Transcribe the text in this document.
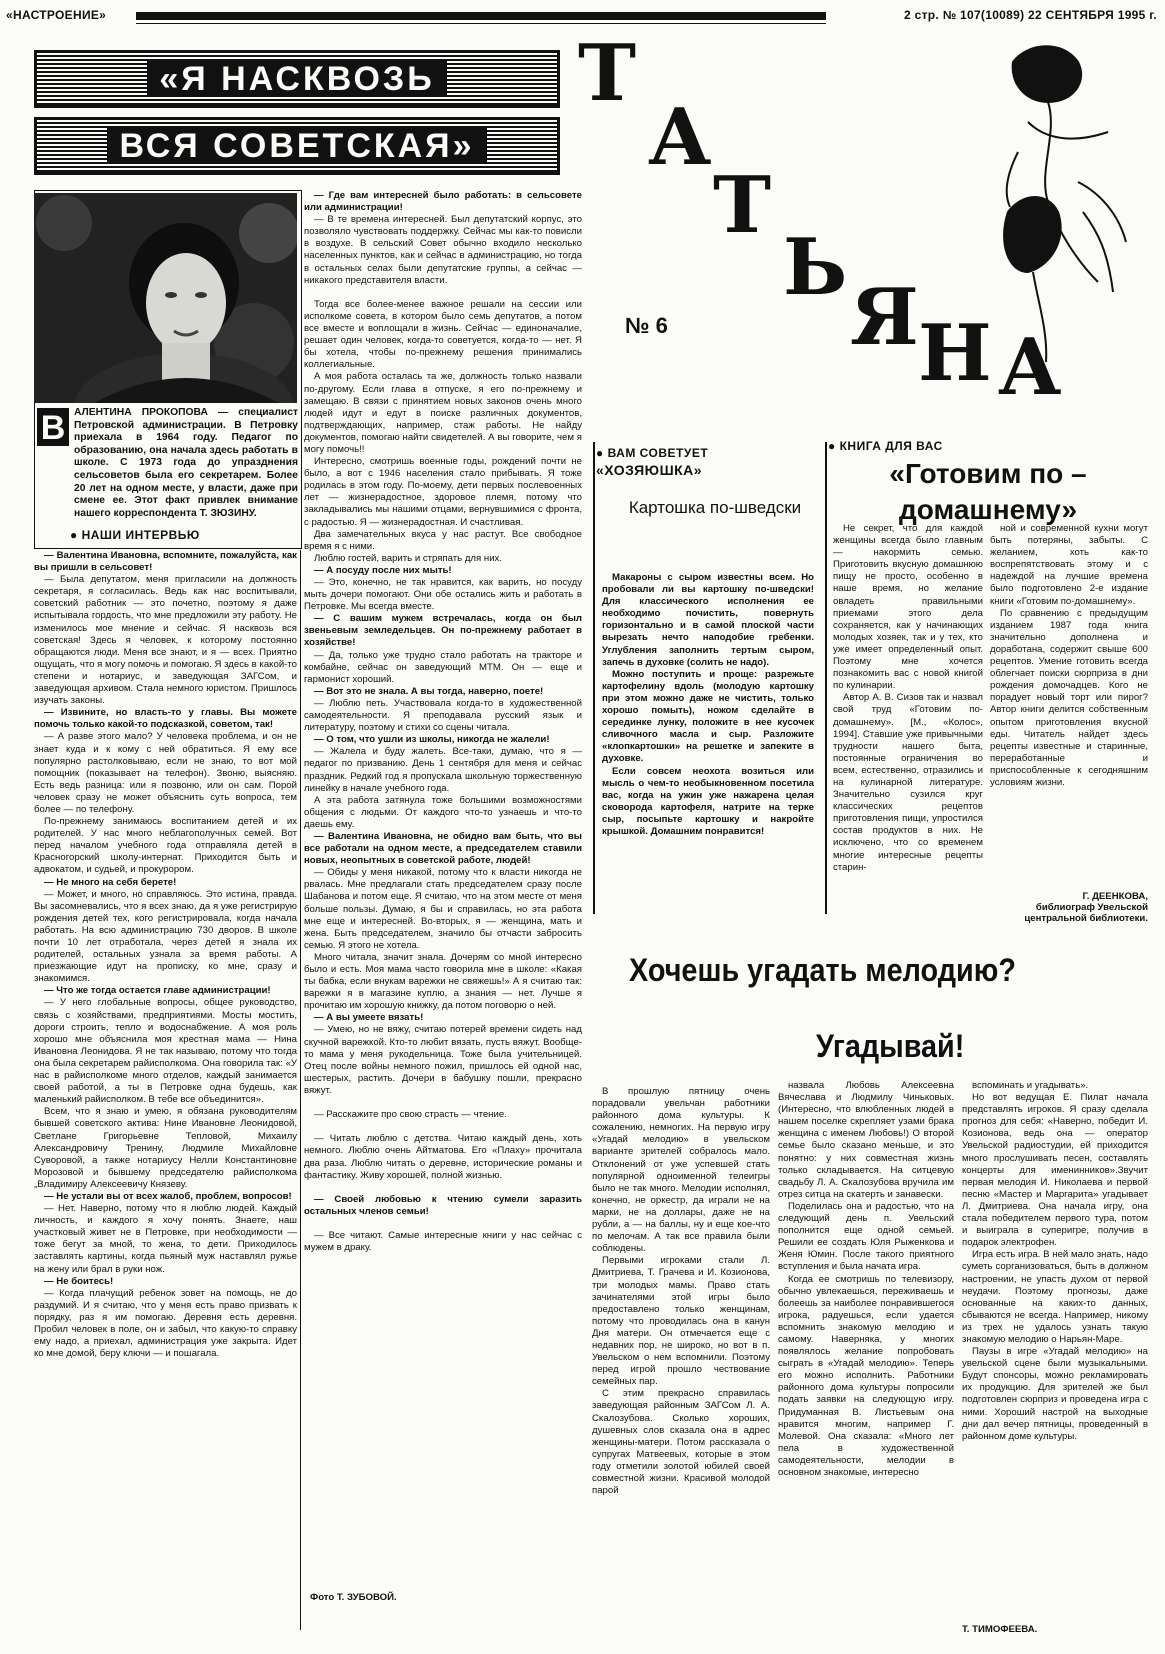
«НАСТРОЕНИЕ»	2 стр. № 107(10089) 22 СЕНТЯБРЯ 1995 г.
«Я НАСКВОЗЬ
ВСЯ СОВЕТСКАЯ»
В АЛЕНТИНА ПРОКОПОВА — специалист Петровской администрации. В Петровку приехала в 1964 году. Педагог по образованию, она начала здесь работать в школе. С 1973 года до упразднения сельсоветов была его секретарем. Более 20 лет на одном месте, у власти, даже при смене ее. Этот факт привлек внимание нашего корреспондента Т. ЗЮЗИНУ.
● НАШИ ИНТЕРВЬЮ

— Валентина Ивановна, вспомните, пожалуйста, как вы пришли в сельсовет!

— Была депутатом, меня пригласили на должность секретаря, я согласилась. Ведь как нас воспитывали, советский работник — это почетно, поэтому я даже испытывала гордость, что мне предложили эту работу. Не изменилось мое мнение и сейчас. Я насквозь вся советская! Здесь я человек, к которому постоянно обращаются люди. Меня все знают, и я — всех. Приятно ощущать, что я могу помочь и помогаю. Я здесь в какой-то степени и нотариус, и заведующая ЗАГСом, и заведующая архивом. Стала немного юристом. Пришлось изучать законы.

— Извините, но власть-то у главы. Вы можете помочь только какой-то подсказкой, советом, так!

— А разве этого мало? У человека проблема, и он не знает куда и к кому с ней обратиться. Я ему все популярно растолковываю, если не знаю, то вот мой помощник (показывает на телефон). Звоню, выясняю. Есть ведь разница: или я позвоню, или он сам. Порой человек сразу не может объяснить суть вопроса, тем более — по телефону.

По-прежнему занимаюсь воспитанием детей и их родителей. У нас много неблагополучных семей. Вот перед началом учебного года отправляла детей в Красногорский школу-интернат. Приходится быть и адвокатом, и судьей, и прокурором.

— Не много на себя берете!

— Может, и много, но справляюсь. Это истина, правда. Вы засомневались, что я всех знаю, да я уже регистрирую рождения детей тех, кого регистрировала, когда начала работать. На всю администрацию 730 дворов. В школе почти 10 лет отработала, через детей я знала их родителей, остальных узнала за время работы. А приезжающие идут на прописку, ко мне, сразу и знакомимся.

— Что же тогда остается главе администрации!

— У него глобальные вопросы, общее руководство, связь с хозяйствами, предприятиями. Мосты мостить, дороги строить, тепло и водоснабжение. А моя роль хорошо мне объяснила моя крестная мама — Нина Ивановна Леонидова. Я не так называю, потому что тогда она была секретарем райисполкома. Она говорила так: «У нас в райисполкоме много отделов, каждый занимается своей работой, а ты в Петровке одна будешь, как маленький райисполком. В тебе все объединится».

Всем, что я знаю и умею, я обязана руководителям бывшей советского актива: Нине Ивановне Леонидовой, Светлане Григорьевне Тепловой, Михаилу Александровичу Тренину, Людмиле Михайловне Суворовой, а также нотариусу Нелли Константиновне Морозовой и бывшему председателю райисполкома „Владимиру Алексеевичу Князеву.

— Не устали вы от всех жалоб, проблем, вопросов!

— Нет. Наверно, потому что я люблю людей. Каждый личность, и каждого я хочу понять. Знаете, наш участковый живет не в Петровке, при необходимости — тоже бегут за мной, то жена, то дети. Приходилось заставлять картины, когда пьяный муж наставлял ружье на жену или брал в руки нож.

— Не боитесь!

— Когда плачущий ребенок зовет на помощь, не до раздумий. И я считаю, что у меня есть право призвать к порядку, раз я им помогаю. Деревня есть деревня. Пробил человек в поле, он и забыл, что какую-то справку ему надо, а приехал, администрация уже закрыта. Идет ко мне домой, беру ключи — и пошагала.

— Где вам интересней было работать: в сельсовете или администрации!

— В те времена интересней. Был депутатский корпус, это позволяло чувствовать поддержку. Сейчас мы как-то повисли в воздухе. В сельский Совет обычно входило несколько населенных пунктов, как и сейчас в администрацию, но тогда в остальных селах были депутатские группы, а сейчас — никакого представителя власти.

Тогда все более-менее важное решали на сессии или исполкоме совета, в котором было семь депутатов, а потом все вместе и воплощали в жизнь. Сейчас — единоначалие, решает один человек, когда-то советуется, когда-то — нет. Я бы хотела, чтобы по-прежнему решения принимались коллегиальные.

А моя работа осталась та же, должность только назвали по-другому. Если глава в отпуске, я его по-прежнему и замещаю. В связи с принятием новых законов очень много людей идут и едут в поиске различных документов, подтверждающих, например, стаж работы. Не найду документов, помогаю найти свидетелей. А вы говорите, чем я могу помочь!!

Интересно, смотришь военные годы, рождений почти не было, а вот с 1946 населения стало прибывать. Я тоже родилась в этом году. По-моему, дети первых послевоенных лет — жизнерадостное, здоровое племя, потому что закладывались мы нашими отцами, вернувшимися с фронта, с радостью. Я — жизнерадостная. И счастливая.

Два замечательных вкуса у нас растут. Все свободное время я с ними.

Люблю гостей, варить и стряпать для них.

— А посуду после них мыть!

— Это, конечно, не так нравится, как варить, но посуду мыть дочери помогают. Они обе остались жить и работать в Петровке. Мы всегда вместе.

— С вашим мужем встречалась, когда он был звеньевым земледельцев. Он по-прежнему работает в хозяйстве!

— Да, только уже трудно стало работать на тракторе и комбайне, сейчас он заведующий МТМ. Он — еще и гармонист хороший.

— Вот это не знала. А вы тогда, наверно, поете!

— Люблю петь. Участвовала когда-то в художественной самодеятельности. Я преподавала русский язык и литературу, поэтому и стихи со сцены читала.

— О том, что ушли из школы, никогда не жалели!

— Жалела и буду жалеть. Все-таки, думаю, что я — педагог по призванию. День 1 сентября для меня и сейчас праздник. Редкий год я пропускала школьную торжественную линейку в начале учебного года.

А эта работа затянула тоже большими возможностями общения с людьми. От каждого что-то узнаешь и что-то даешь ему.

— Валентина Ивановна, не обидно вам быть, что вы все работали на одном месте, а председателем ставили новых, неопытных в советской работе, людей!

— Обиды у меня никакой, потому что к власти никогда не рвалась. Мне предлагали стать председателем сразу после Шабанова и потом еще. Я считаю, что на этом месте от меня больше пользы. Думаю, я бы и справилась, но эта работа мне еще и интересней. Во-вторых, я — женщина, мать и жена. Быть председателем, значило бы отчасти забросить семью. Я этого не хотела.

Много читала, значит знала. Дочерям со мной интересно было и есть. Моя мама часто говорила мне в школе: «Какая ты бабка, если внукам варежки не свяжешь!» А я считаю так: варежки я в магазине куплю, а знания — нет. Лучше я прочитаю им хорошую книжку, да потом поговорю о ней.

— А вы умеете вязать!

— Умею, но не вяжу, считаю потерей времени сидеть над скучной варежкой. Кто-то любит вязать, пусть вяжут. Вообще-то мама у меня рукодельница. Тоже была учительницей. Отец после войны немного пожил, пришлось ей одной нас, шестерых, растить. Дочери в бабушку пошли, прекрасно вяжут.

— Расскажите про свою страсть — чтение.

— Читать люблю с детства. Читаю каждый день, хоть немного. Люблю очень Айтматова. Его «Плаху» прочитала два раза. Люблю читать о деревне, исторические романы и фантастику. Живу хорошей, полной жизнью.

— Своей любовью к чтению сумели заразить остальных членов семьи!

— Все читают. Самые интересные книги у нас сейчас с мужем в драку.

Фото Т. ЗУБОВОЙ.
Т
А
Т
Ь
Я Н А
№ 6
● ВАМ СОВЕТУЕТ
«ХОЗЯЮШКА»
Картошка по-шведски

Макароны с сыром известны всем. Но пробовали ли вы картошку по-шведски! Для классического исполнения ее необходимо почистить, повернуть горизонтально и в самой плоской части вырезать нечто наподобие гребенки. Углубления заполнить тертым сыром, запечь в духовке (солить не надо).

Можно поступить и проще: разрежьте картофелину вдоль (молодую картошку при этом можно даже не чистить, только хорошо помыть), ножом сделайте в серединке лунку, положите в нее кусочек сливочного масла и сыр. Разложите «клопкартошки» на решетке и запеките в духовке.

Если совсем неохота возиться или мысль о чем-то необыкновенном посетила вас, когда на ужин уже нажарена целая сковорода картофеля, натрите на терке сыр, посыпьте картошку и накройте крышкой. Домашним понравится!

● КНИГА ДЛЯ ВАС
«Готовим по – домашнему»

Не секрет, что для каждой женщины всегда было главным — накормить семью. Приготовить вкусную домашнюю пищу не просто, особенно в наше время, но желание овладеть правильными приемами этого дела сохраняется, как у начинающих молодых хозяек, так и у тех, кто уже имеет определенный опыт. Поэтому мне хочется познакомить вас с новой книгой по кулинарии.

Автор А. В. Сизов так и назвал свой труд «Готовим по-домашнему». [М., «Колос», 1994]. Ставшие уже привычными трудности нашего быта, постоянные ограничения во всем, естественно, отразились и на кулинарной литературе. Значительно сузился круг классических рецептов приготовления пищи, упростился состав продуктов в них. Не исключено, что со временем многие интересные рецепты старин-

ной и современной кухни могут быть потеряны, забыты. С желанием, хоть как-то воспрепятствовать этому и с надеждой на лучшие времена было подготовлено 2-е издание книги «Готовим по-домашнему».

По сравнению с предыдущим изданием 1987 года книга значительно дополнена и доработана, содержит свыше 600 рецептов. Умение готовить всегда облегчает поиски сюрприза в дни рождения домочадцев. Кого не порадует новый торт или пирог? Автор книги делится собственным опытом приготовления вкусной еды. Читатель найдет здесь рецепты известные и старинные, переработанные и приспособленные к сегодняшним условиям жизни.

Г. ДЕЕНКОВА,
библиограф Увельской
центральной библиотеки.
Хочешь угадать мелодию?
Угадывай!

В прошлую пятницу очень порадовали увельчан работники районного дома культуры. К сожалению, немногих. На первую игру «Угадай мелодию» в увельском варианте зрителей собралось мало. Отклонений от уже успевшей стать популярной одноименной телеигры было не так много. Мелодии исполнял, конечно, не оркестр, да играли не на марки, не на доллары, даже не на рубли, а — на баллы, ну и еще кое-что по мелочам. А так все правила были соблюдены.

Первыми игроками стали Л. Дмитриева, Т. Грачева и И. Козионова, три молодых мамы. Право стать зачинателями этой игры было предоставлено только женщинам, потому что проводилась она в канун Дня матери. Он отмечается еще с недавних пор, не широко, но вот в п. Увельском о нем вспомнили. Поэтому перед игрой прошло чествование семейных пар.

С этим прекрасно справилась заведующая районным ЗАГСом Л. А. Скалозубова. Сколько хороших, душевных слов сказала она в адрес женщины-матери. Потом рассказала о супругах Матвеевых, которые в этом году отметили золотой юбилей своей совместной жизни. Красивой молодой парой

назвала Любовь Алексеевна Вячеслава и Людмилу Чиньковых.(Интересно, что влюбленных людей в нашем поселке скрепляет узами брака женщина с именем Любовь!) О второй семье было сказано меньше, и это понятно: у них совместная жизнь только складывается. На ситцевую свадьбу Л. А. Скалозубова вручила им отрез ситца на скатерть и занавески.

Поделилась она и радостью, что на следующий день п. Увельский пополнится еще одной семьей. Решили ее создать Юля Рыженкова и Женя Юмин. После такого приятного вступления и была начата игра.

Когда ее смотришь по телевизору, обычно увлекаешься, переживаешь и болеешь за наиболее понравившегося игрока, радуешься, если удается вспомнить знакомую мелодию и самому. Наверняка, у многих появлялось желание попробовать сыграть в «Угадай мелодию». Теперь его можно исполнить. Работники районного дома культуры попросили подать заявки на следующую игру. Придуманная В. Листьевым она нравится многим, например Г. Молевой. Она сказала: «Много лет пела в художественной самодеятельности, мелодии в основном знакомые, интересно

вспоминать и угадывать».

Но вот ведущая Е. Пилат начала представлять игроков. Я сразу сделала прогноз для себя: «Наверно, победит И. Козионова, ведь она — оператор Увельской радиостудии, ей приходится много прослушивать песен, составлять концерты для именинников».Звучит первая мелодия И. Николаева и первой песню «Мастер и Маргарита» угадывает Л. Дмитриева. Она начала игру, она стала победителем первого тура, потом и выиграла в суперигре, получив в подарок электрофен.

Игра есть игра. В ней мало знать, надо суметь сорганизоваться, быть в должном настроении, не упасть духом от первой неудачи. Поэтому прогнозы, даже основанные на каких-то данных, сбываются не всегда. Например, никому из трех не удалось узнать такую знакомую мелодию о Нарьян-Маре.

Паузы в игре «Угадай мелодию» на увельской сцене были музыкальными. Будут спонсоры, можно рекламировать их продукцию. Для зрителей же был подготовлен сюрприз и проведена игра с ними. Хороший настрой на выходные дни дал вечер пятницы, проведенный в районном доме культуры.

Т. ТИМОФЕЕВА.
